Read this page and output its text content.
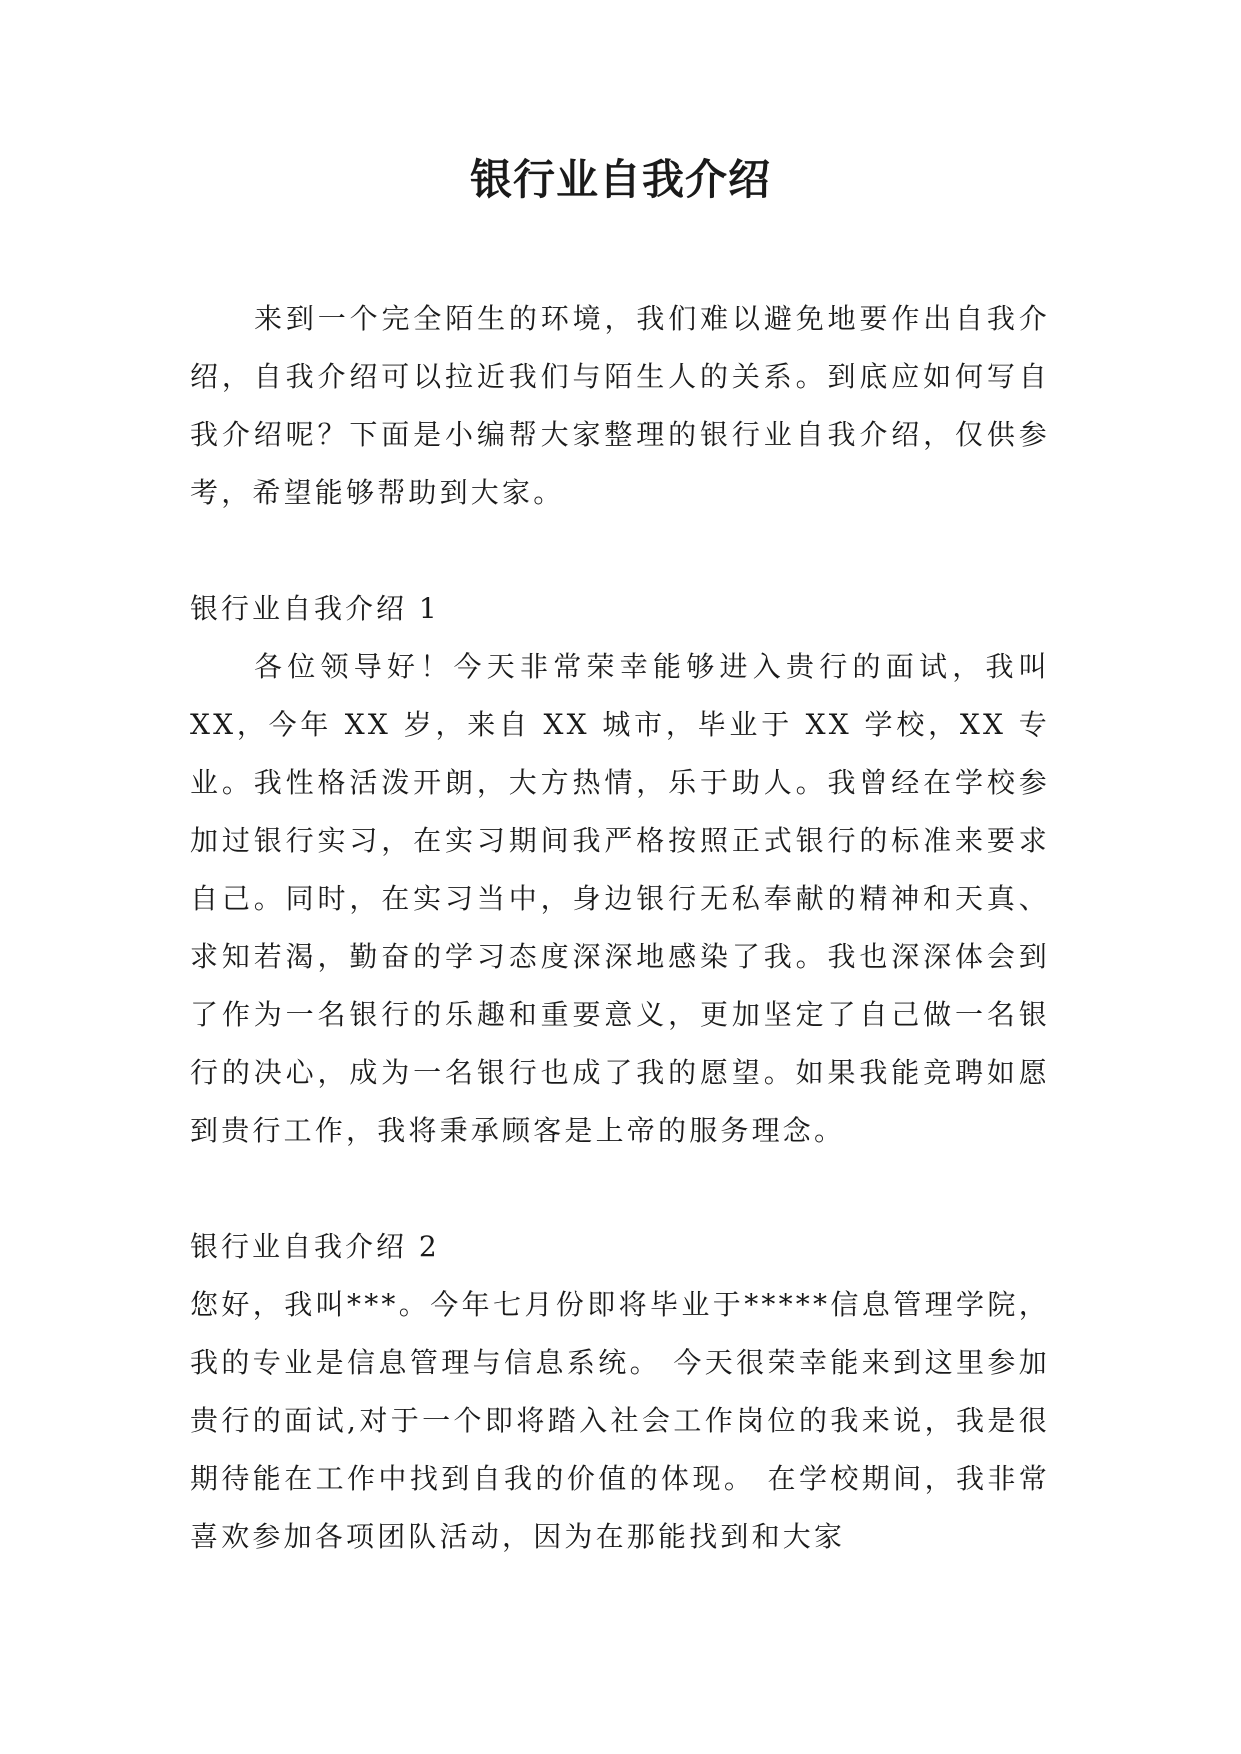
银行业自我介绍

来到一个完全陌生的环境，我们难以避免地要作出自我介绍，自我介绍可以拉近我们与陌生人的关系。到底应如何写自我介绍呢？下面是小编帮大家整理的银行业自我介绍，仅供参考，希望能够帮助到大家。

银行业自我介绍 1

各位领导好！今天非常荣幸能够进入贵行的面试，我叫 XX，今年 XX 岁，来自 XX 城市，毕业于 XX 学校，XX 专业。我性格活泼开朗，大方热情，乐于助人。我曾经在学校参加过银行实习，在实习期间我严格按照正式银行的标准来要求自己。同时，在实习当中，身边银行无私奉献的精神和天真、求知若渴，勤奋的学习态度深深地感染了我。我也深深体会到了作为一名银行的乐趣和重要意义，更加坚定了自己做一名银行的决心，成为一名银行也成了我的愿望。如果我能竞聘如愿到贵行工作，我将秉承顾客是上帝的服务理念。

银行业自我介绍 2

您好，我叫***。今年七月份即将毕业于*****信息管理学院，我的专业是信息管理与信息系统。 今天很荣幸能来到这里参加贵行的面试,对于一个即将踏入社会工作岗位的我来说，我是很期待能在工作中找到自我的价值的体现。 在学校期间，我非常喜欢参加各项团队活动，因为在那能找到和大家
